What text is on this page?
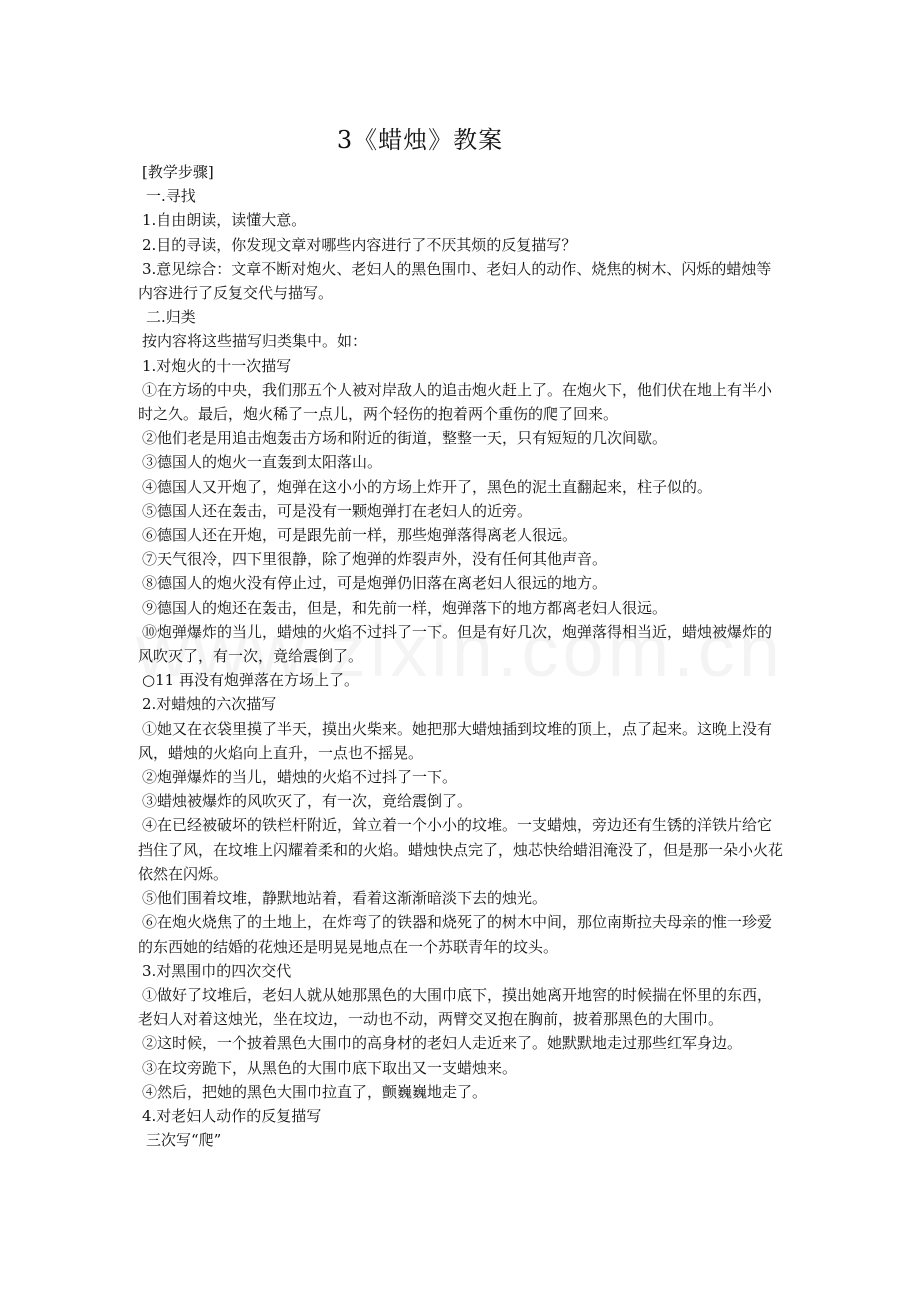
3《蜡烛》教案

[教学步骤]

一.寻找

1.自由朗读，读懂大意。

2.目的寻读，你发现文章对哪些内容进行了不厌其烦的反复描写？

3.意见综合：文章不断对炮火、老妇人的黑色围巾、老妇人的动作、烧焦的树木、闪烁的蜡烛等内容进行了反复交代与描写。

二.归类

按内容将这些描写归类集中。如：

1.对炮火的十一次描写

①在方场的中央，我们那五个人被对岸敌人的追击炮火赶上了。在炮火下，他们伏在地上有半小时之久。最后，炮火稀了一点儿，两个轻伤的抱着两个重伤的爬了回来。

②他们老是用追击炮轰击方场和附近的街道，整整一天，只有短短的几次间歇。

③德国人的炮火一直轰到太阳落山。

④德国人又开炮了，炮弹在这小小的方场上炸开了，黑色的泥土直翻起来，柱子似的。

⑤德国人还在轰击，可是没有一颗炮弹打在老妇人的近旁。

⑥德国人还在开炮，可是跟先前一样，那些炮弹落得离老人很远。

⑦天气很冷，四下里很静，除了炮弹的炸裂声外，没有任何其他声音。

⑧德国人的炮火没有停止过，可是炮弹仍旧落在离老妇人很远的地方。

⑨德国人的炮还在轰击，但是，和先前一样，炮弹落下的地方都离老妇人很远。

⑩炮弹爆炸的当儿，蜡烛的火焰不过抖了一下。但是有好几次，炮弹落得相当近，蜡烛被爆炸的风吹灭了，有一次，竟给震倒了。

○11 再没有炮弹落在方场上了。

2.对蜡烛的六次描写

①她又在衣袋里摸了半天，摸出火柴来。她把那大蜡烛插到坟堆的顶上，点了起来。这晚上没有风，蜡烛的火焰向上直升，一点也不摇晃。

②炮弹爆炸的当儿，蜡烛的火焰不过抖了一下。

③蜡烛被爆炸的风吹灭了，有一次，竟给震倒了。

④在已经被破坏的铁栏杆附近，耸立着一个小小的坟堆。一支蜡烛，旁边还有生锈的洋铁片给它挡住了风，在坟堆上闪耀着柔和的火焰。蜡烛快点完了，烛芯快给蜡泪淹没了，但是那一朵小火花依然在闪烁。

⑤他们围着坟堆，静默地站着，看着这渐渐暗淡下去的烛光。

⑥在炮火烧焦了的土地上，在炸弯了的铁器和烧死了的树木中间，那位南斯拉夫母亲的惟一珍爱的东西她的结婚的花烛还是明晃晃地点在一个苏联青年的坟头。

3.对黑围巾的四次交代

①做好了坟堆后，老妇人就从她那黑色的大围巾底下，摸出她离开地窖的时候揣在怀里的东西，老妇人对着这烛光，坐在坟边，一动也不动，两臂交叉抱在胸前，披着那黑色的大围巾。

②这时候，一个披着黑色大围巾的高身材的老妇人走近来了。她默默地走过那些红军身边。

③在坟旁跪下，从黑色的大围巾底下取出又一支蜡烛来。

④然后，把她的黑色大围巾拉直了，颤巍巍地走了。

4.对老妇人动作的反复描写

三次写“爬”
